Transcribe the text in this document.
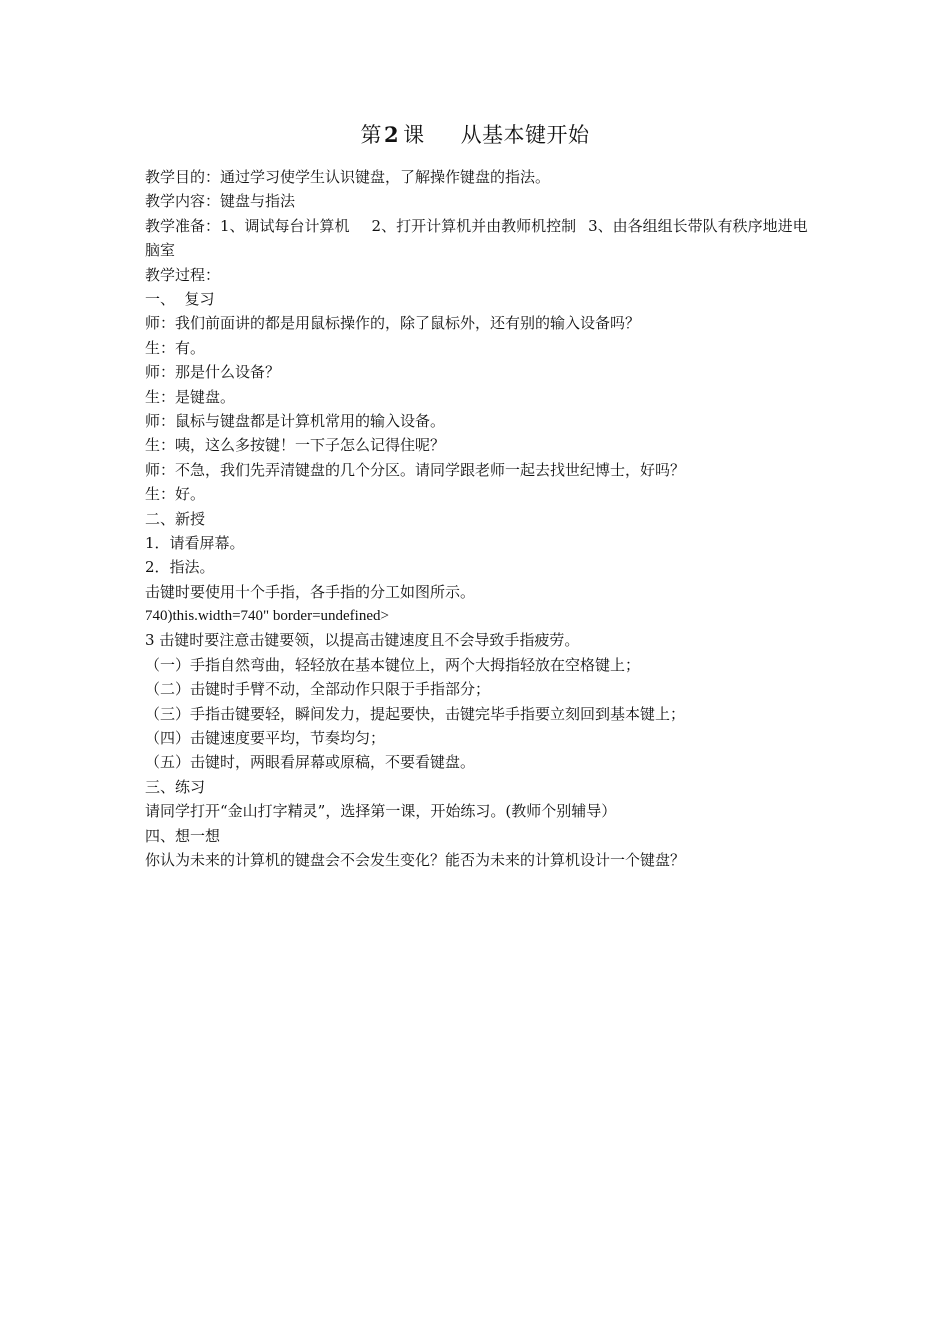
第2 课 从基本键开始
教学目的：通过学习使学生认识键盘，了解操作键盘的指法。
教学内容：键盘与指法
教学准备：1、调试每台计算机 2、打开计算机并由教师机控制 3、由各组组长带队有秩序地进电脑室
教学过程：
一、  复习
师：我们前面讲的都是用鼠标操作的，除了鼠标外，还有别的输入设备吗？
生：有。
师：那是什么设备？
生：是键盘。
师：鼠标与键盘都是计算机常用的输入设备。
生：咦，这么多按键！一下子怎么记得住呢？
师：不急，我们先弄清键盘的几个分区。请同学跟老师一起去找世纪博士，好吗？
生：好。
二、新授
1．请看屏幕。
2．指法。
击键时要使用十个手指，各手指的分工如图所示。
740)this.width=740" border=undefined>
3 击键时要注意击键要领，以提高击键速度且不会导致手指疲劳。
（一）手指自然弯曲，轻轻放在基本键位上，两个大拇指轻放在空格键上；
（二）击键时手臂不动，全部动作只限于手指部分；
（三）手指击键要轻，瞬间发力，提起要快，击键完毕手指要立刻回到基本键上；
（四）击键速度要平均，节奏均匀；
（五）击键时，两眼看屏幕或原稿，不要看键盘。
三、练习
请同学打开“金山打字精灵”，选择第一课，开始练习。(教师个别辅导）
四、想一想
你认为未来的计算机的键盘会不会发生变化？能否为未来的计算机设计一个键盘？
